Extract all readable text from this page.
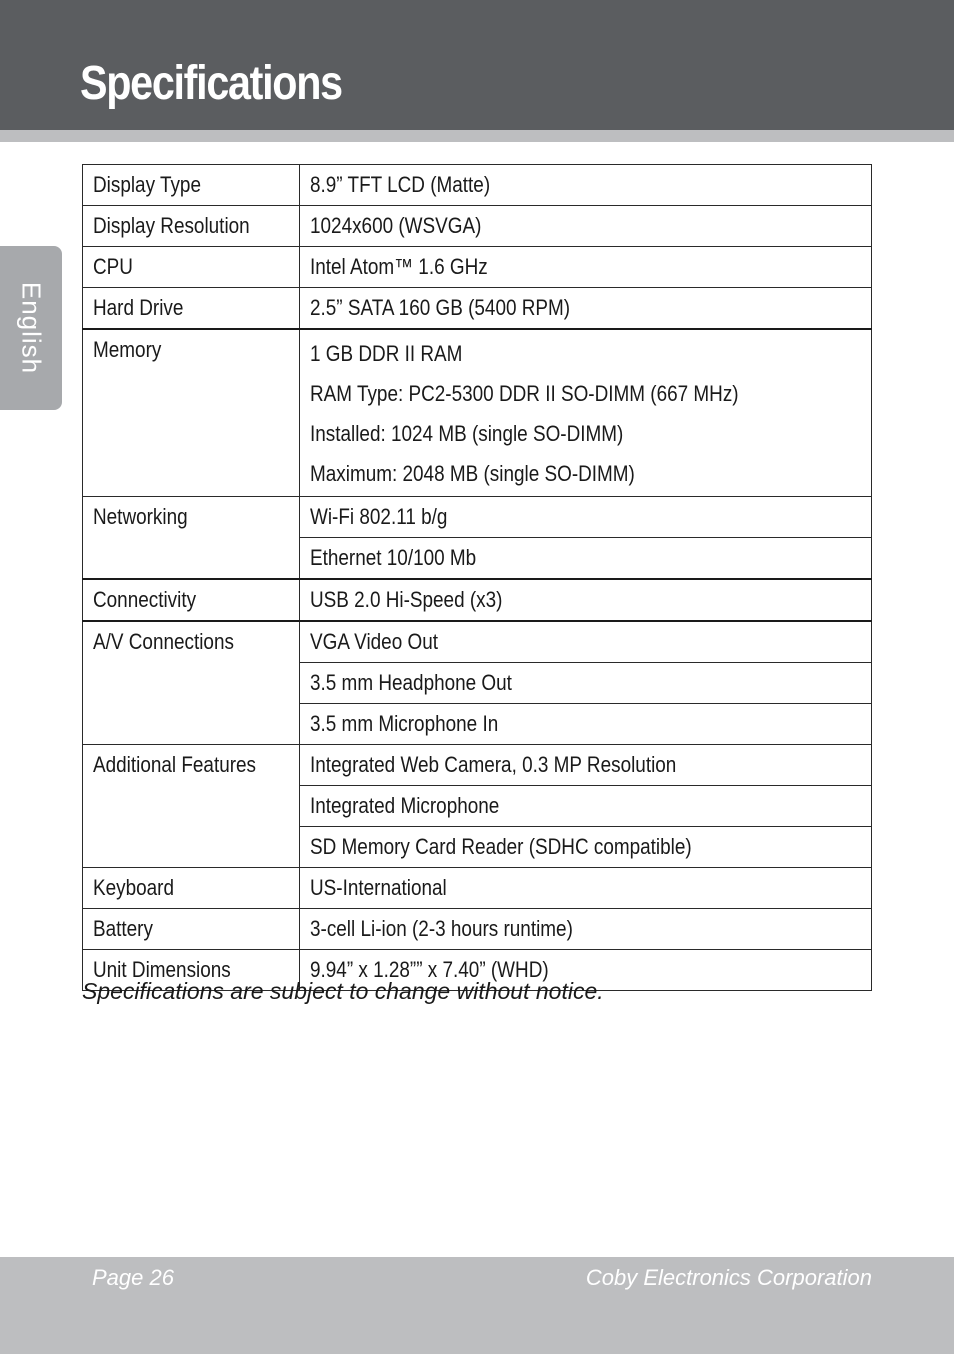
Specifications
English
Display Type	8.9” TFT LCD (Matte)
Display Resolution	1024x600 (WSVGA)
CPU	Intel Atom™ 1.6 GHz
Hard Drive	2.5” SATA 160 GB (5400 RPM)
Memory	1 GB DDR II RAM
RAM Type: PC2-5300 DDR II SO-DIMM (667 MHz)
Installed: 1024 MB (single SO-DIMM)
Maximum: 2048 MB (single SO-DIMM)

Networking	Wi-Fi 802.11 b/g
	Ethernet 10/100 Mb
Connectivity	USB 2.0 Hi-Speed (x3)
A/V Connections	VGA Video Out
	3.5 mm Headphone Out
	3.5 mm Microphone In
Additional Features	Integrated Web Camera, 0.3 MP Resolution
	Integrated Microphone
	SD Memory Card Reader (SDHC compatible)
Keyboard	US-International
Battery	3-cell Li-ion (2-3 hours runtime)
Unit Dimensions	9.94” x 1.28”” x 7.40” (WHD)

Specifications are subject to change without notice.

Page 26	Coby Electronics Corporation
